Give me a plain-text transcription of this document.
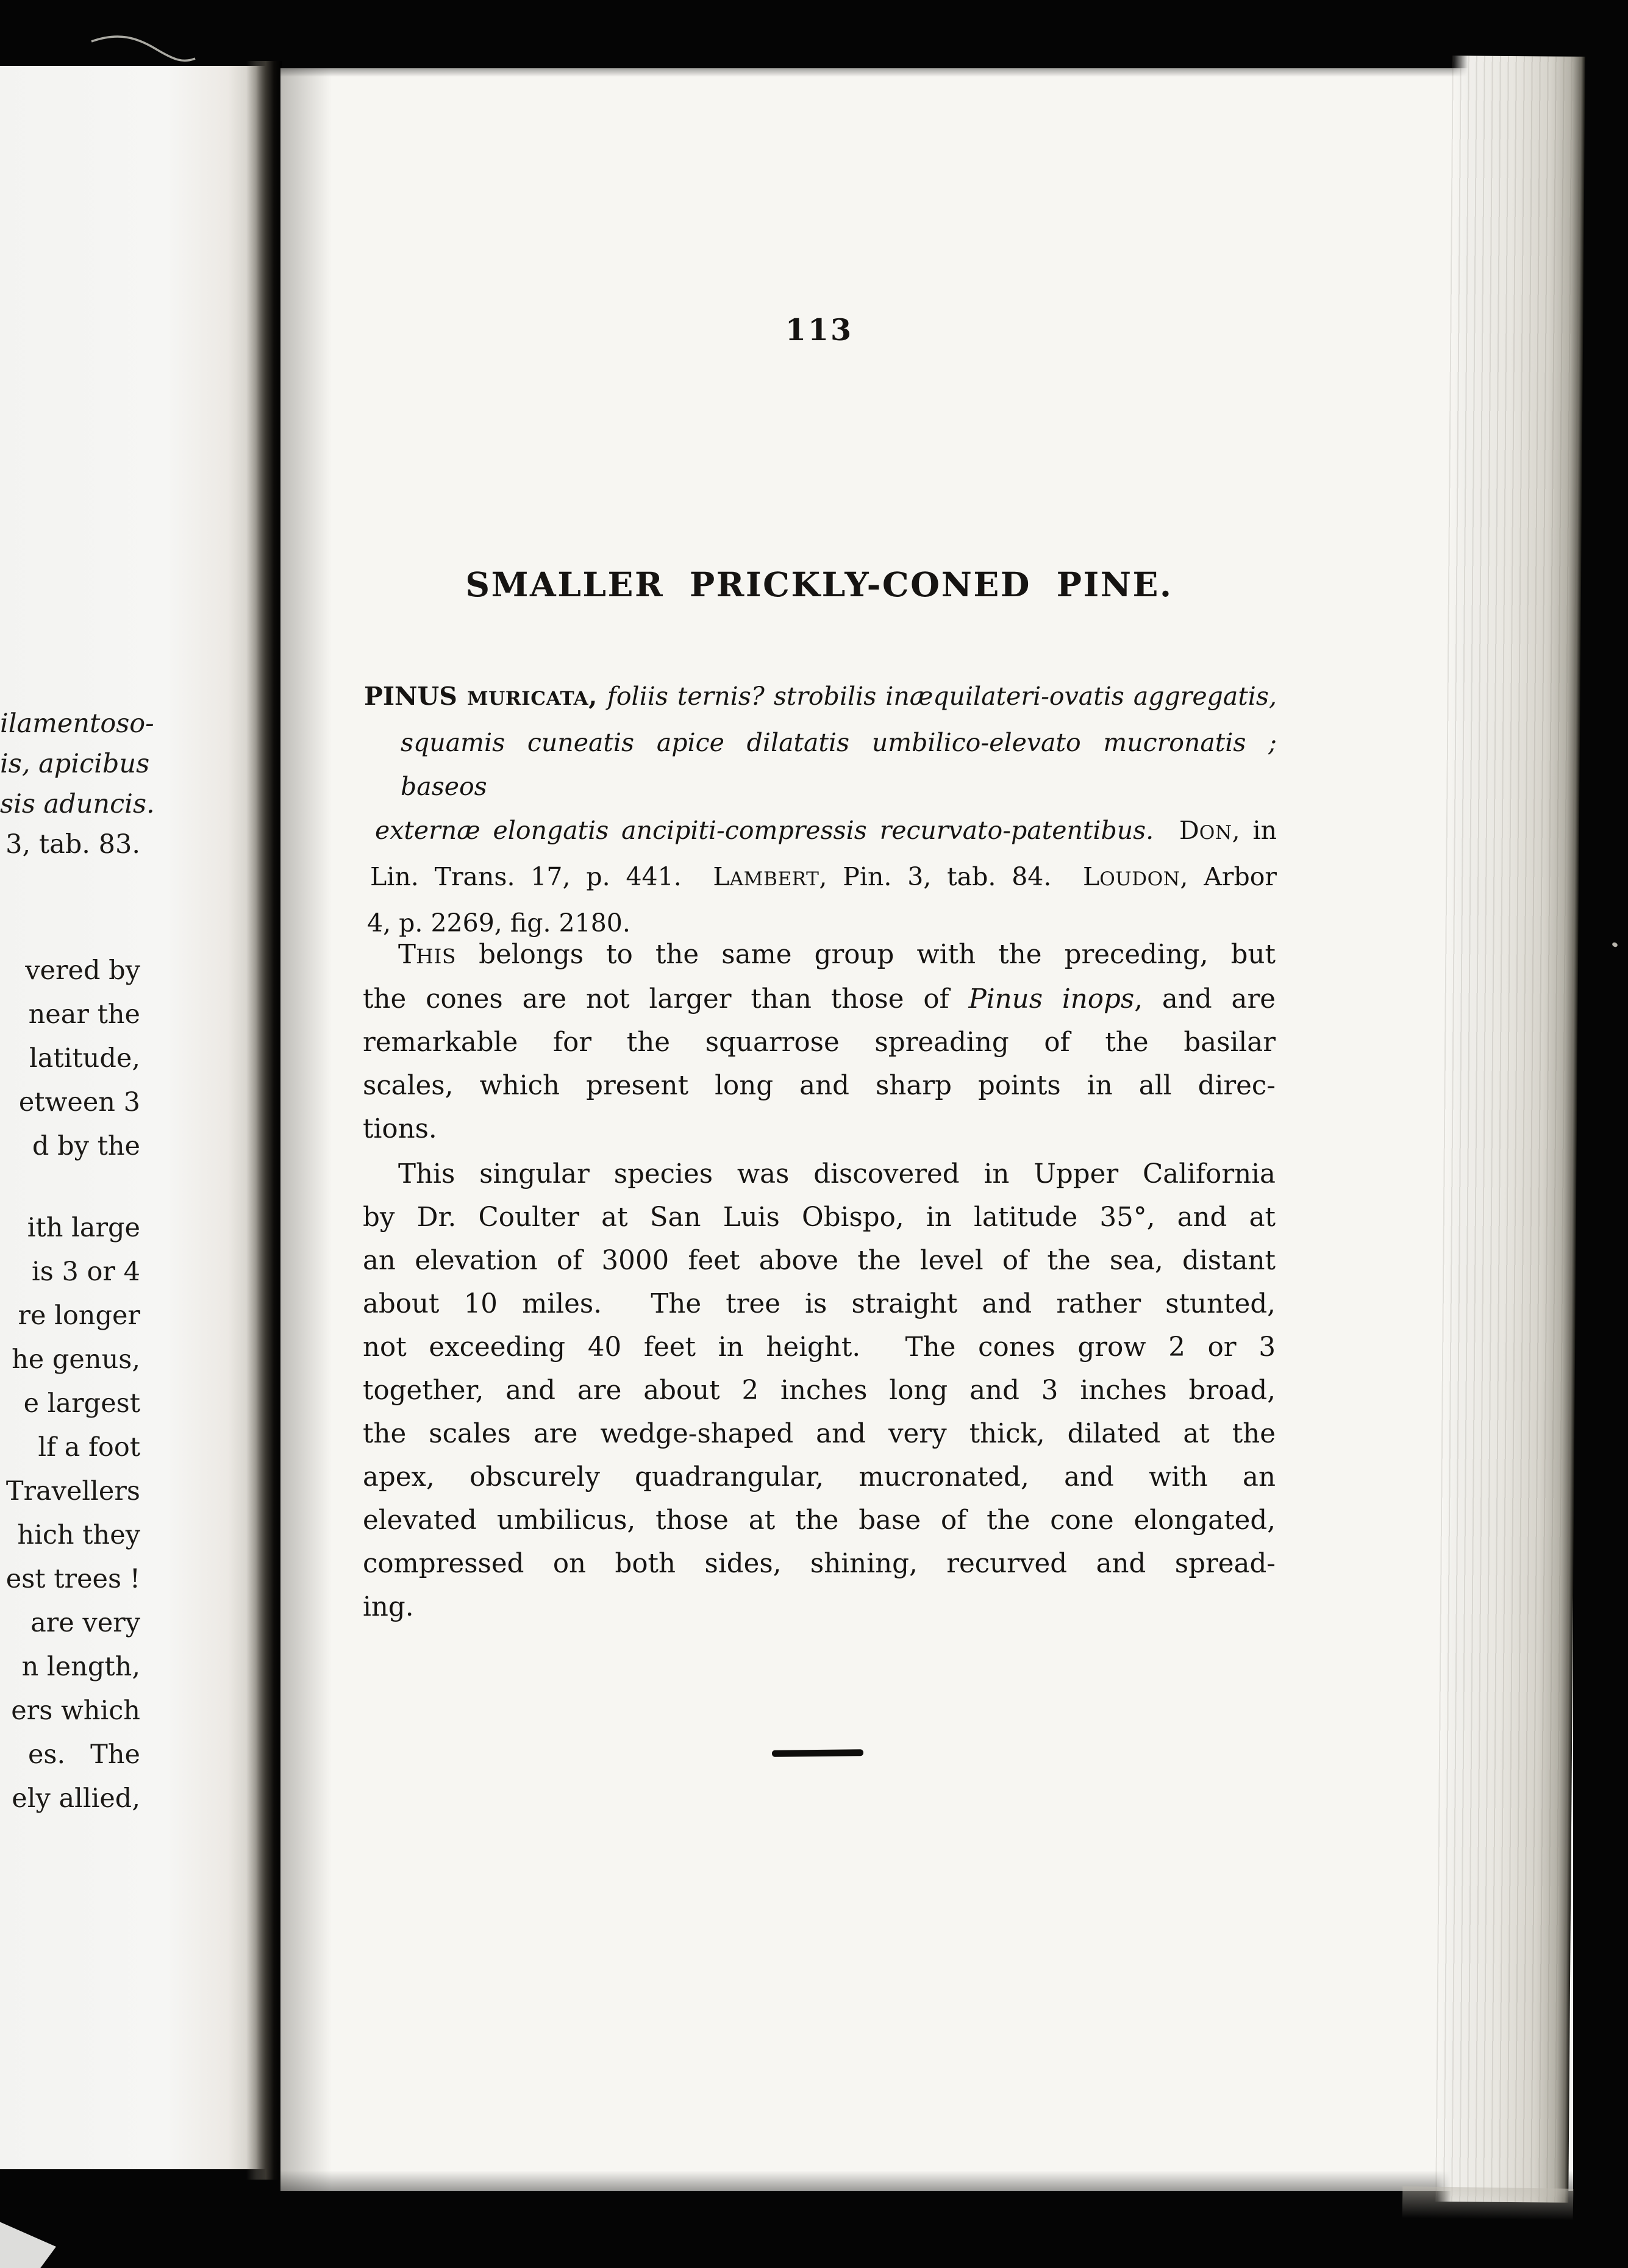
ilamentoso-
is, apicibus
sis aduncis.
3, tab. 83.
vered by
near the
latitude,
etween 3
d by the
ith large
is 3 or 4
re longer
he genus,
e largest
lf a foot
Travellers
hich they
est trees !
are very
n length,
ers which
es.   The
ely allied,
113
SMALLER PRICKLY-CONED PINE.
PINUS MURICATA, foliis ternis? strobilis inæquilateri-ovatis aggregatis,
squamis cuneatis apice dilatatis umbilico-elevato mucronatis ; baseos
externæ elongatis ancipiti-compressis recurvato-patentibus.  DON, in
Lin. Trans. 17, p. 441.  LAMBERT, Pin. 3, tab. 84.  LOUDON, Arbor
4, p. 2269, fig. 2180.
THIS belongs to the same group with the preceding, but
the cones are not larger than those of Pinus inops, and are
remarkable for the squarrose spreading of the basilar
scales, which present long and sharp points in all direc-
tions.
This singular species was discovered in Upper California
by Dr. Coulter at San Luis Obispo, in latitude 35°, and at
an elevation of 3000 feet above the level of the sea, distant
about 10 miles.  The tree is straight and rather stunted,
not exceeding 40 feet in height.  The cones grow 2 or 3
together, and are about 2 inches long and 3 inches broad,
the scales are wedge-shaped and very thick, dilated at the
apex, obscurely quadrangular, mucronated, and with an
elevated umbilicus, those at the base of the cone elongated,
compressed on both sides, shining, recurved and spread-
ing.
